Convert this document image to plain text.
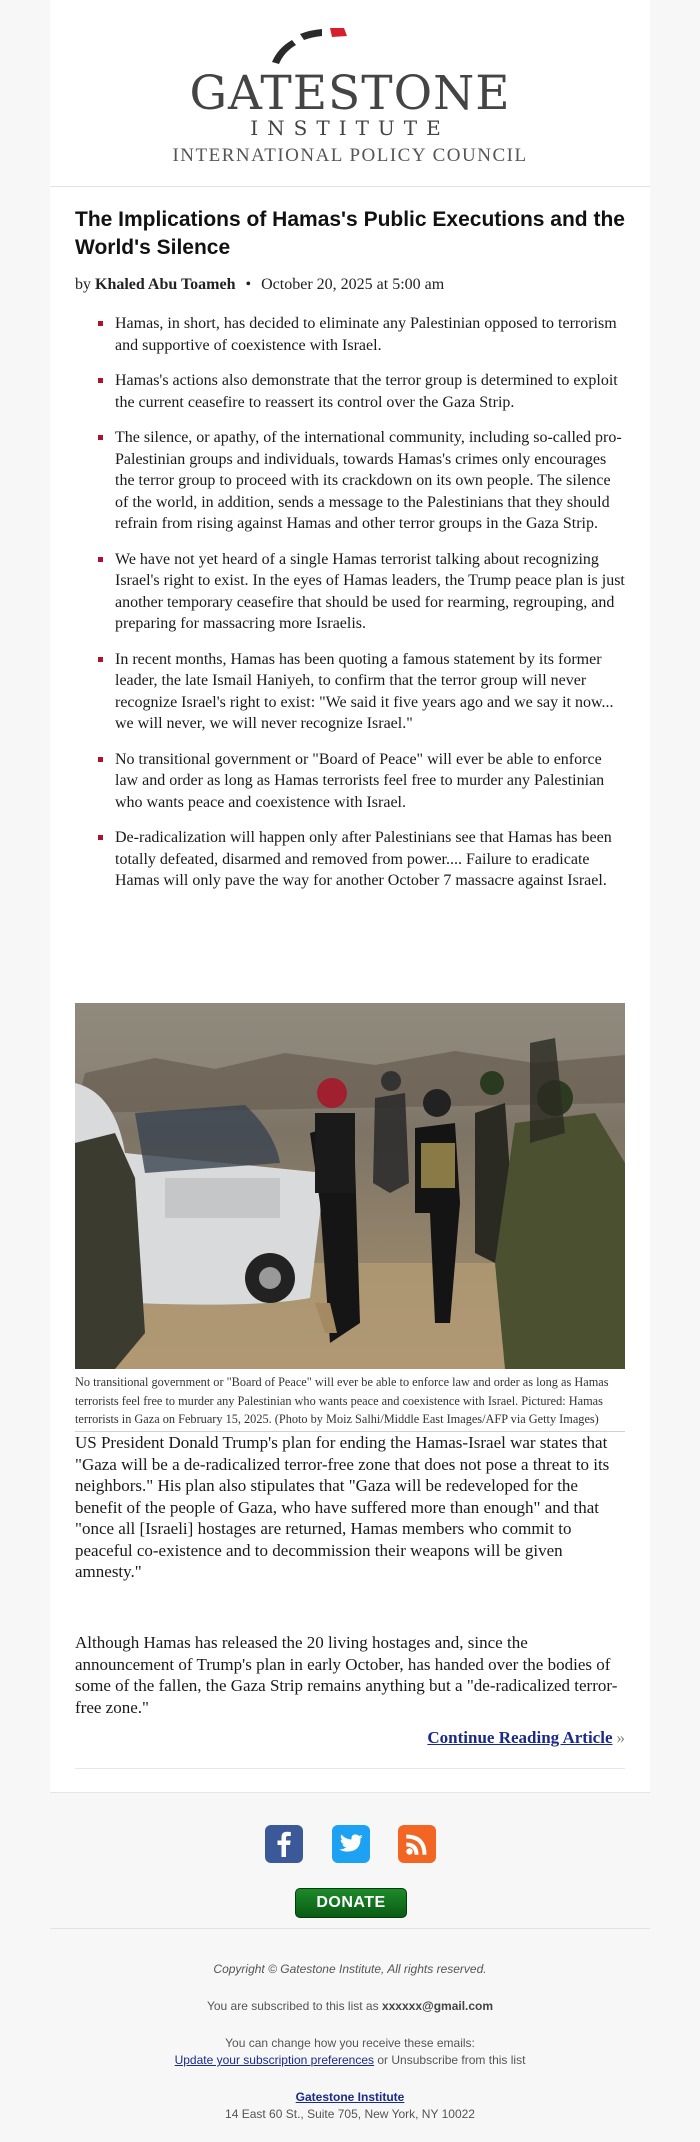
GATESTONE
INSTITUTE
INTERNATIONAL POLICY COUNCIL
The Implications of Hamas's Public Executions and the World's Silence
by Khaled Abu Toameh • October 20, 2025 at 5:00 am
Hamas, in short, has decided to eliminate any Palestinian opposed to terrorism and supportive of coexistence with Israel.
Hamas's actions also demonstrate that the terror group is determined to exploit the current ceasefire to reassert its control over the Gaza Strip.
The silence, or apathy, of the international community, including so-called pro-Palestinian groups and individuals, towards Hamas's crimes only encourages the terror group to proceed with its crackdown on its own people. The silence of the world, in addition, sends a message to the Palestinians that they should refrain from rising against Hamas and other terror groups in the Gaza Strip.
We have not yet heard of a single Hamas terrorist talking about recognizing Israel's right to exist. In the eyes of Hamas leaders, the Trump peace plan is just another temporary ceasefire that should be used for rearming, regrouping, and preparing for massacring more Israelis.
In recent months, Hamas has been quoting a famous statement by its former leader, the late Ismail Haniyeh, to confirm that the terror group will never recognize Israel's right to exist: "We said it five years ago and we say it now... we will never, we will never recognize Israel."
No transitional government or "Board of Peace" will ever be able to enforce law and order as long as Hamas terrorists feel free to murder any Palestinian who wants peace and coexistence with Israel.
De-radicalization will happen only after Palestinians see that Hamas has been totally defeated, disarmed and removed from power.... Failure to eradicate Hamas will only pave the way for another October 7 massacre against Israel.
No transitional government or "Board of Peace" will ever be able to enforce law and order as long as Hamas terrorists feel free to murder any Palestinian who wants peace and coexistence with Israel. Pictured: Hamas terrorists in Gaza on February 15, 2025. (Photo by Moiz Salhi/Middle East Images/AFP via Getty Images)

US President Donald Trump's plan for ending the Hamas-Israel war states that "Gaza will be a de-radicalized terror-free zone that does not pose a threat to its neighbors." His plan also stipulates that "Gaza will be redeveloped for the benefit of the people of Gaza, who have suffered more than enough" and that "once all [Israeli] hostages are returned, Hamas members who commit to peaceful co-existence and to decommission their weapons will be given amnesty."

Although Hamas has released the 20 living hostages and, since the announcement of Trump's plan in early October, has handed over the bodies of some of the fallen, the Gaza Strip remains anything but a "de-radicalized terror-free zone."

Continue Reading Article »
DONATE
Copyright © Gatestone Institute, All rights reserved.
You are subscribed to this list as xxxxxx@gmail.com
You can change how you receive these emails:
Update your subscription preferences or Unsubscribe from this list
Gatestone Institute
14 East 60 St., Suite 705, New York, NY 10022
